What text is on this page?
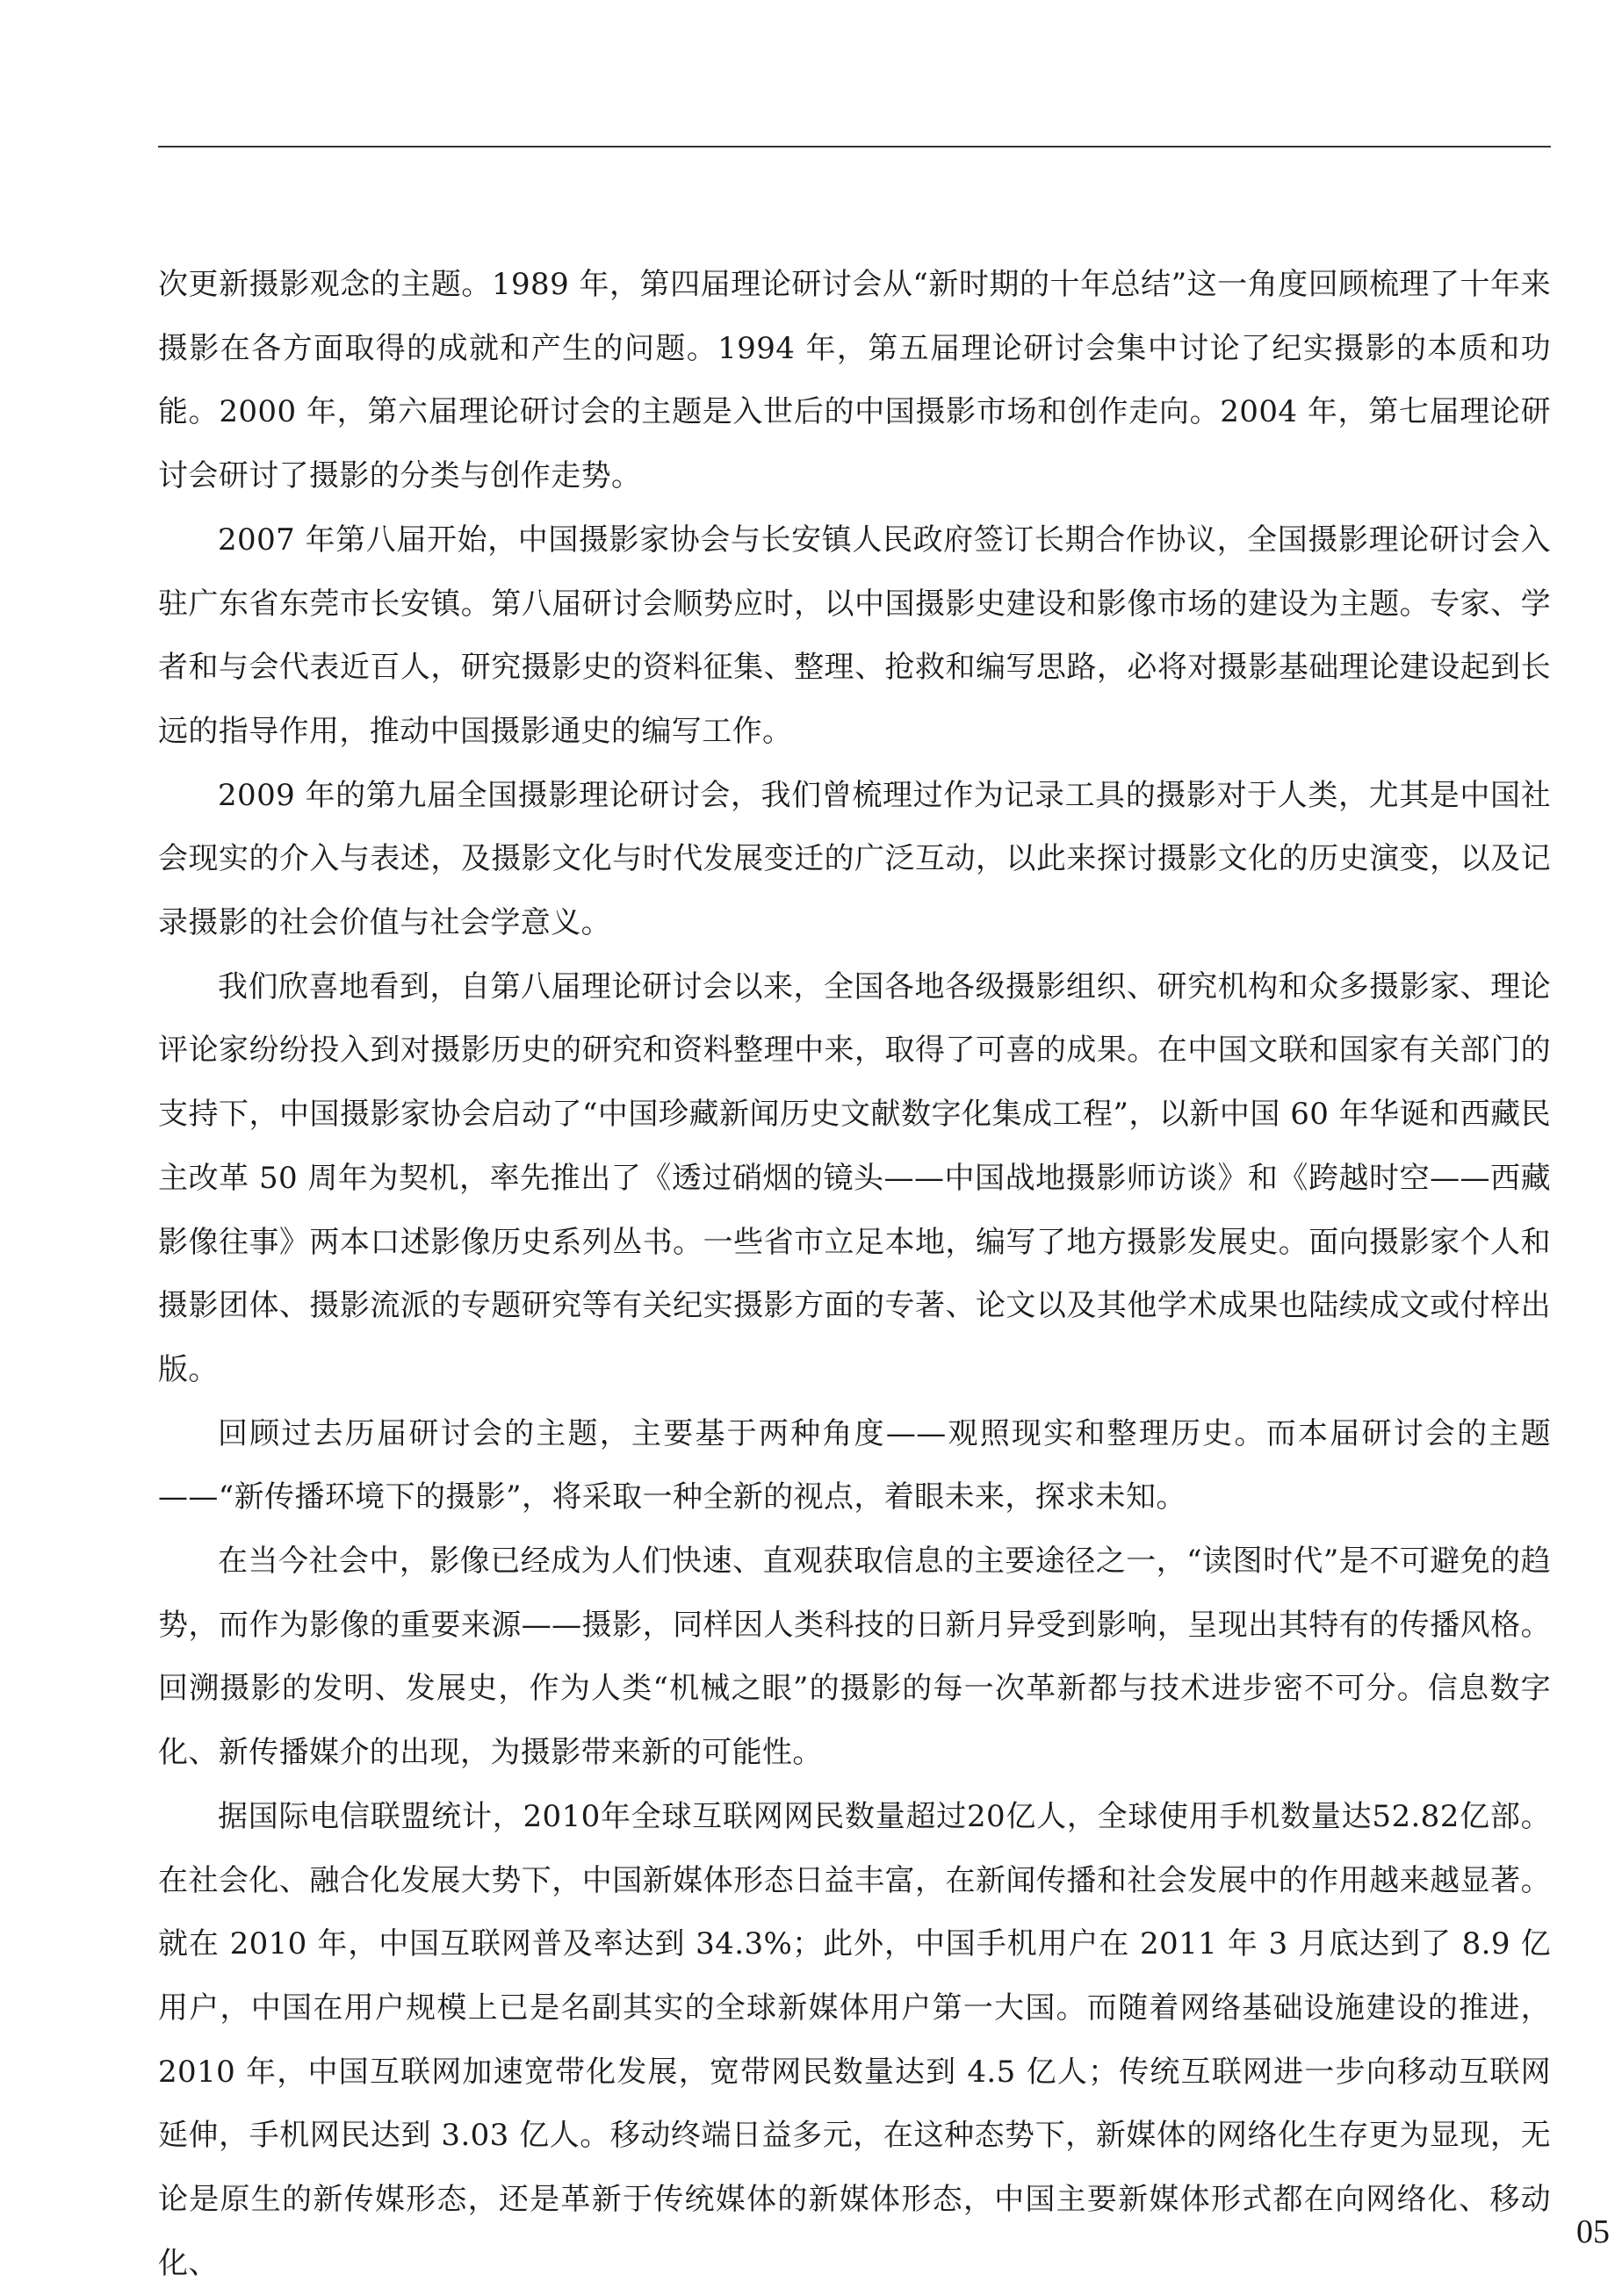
次更新摄影观念的主题。1989 年，第四届理论研讨会从“新时期的十年总结”这一角度回顾梳理了十年来摄影在各方面取得的成就和产生的问题。1994 年，第五届理论研讨会集中讨论了纪实摄影的本质和功能。2000 年，第六届理论研讨会的主题是入世后的中国摄影市场和创作走向。2004 年，第七届理论研讨会研讨了摄影的分类与创作走势。

2007 年第八届开始，中国摄影家协会与长安镇人民政府签订长期合作协议，全国摄影理论研讨会入驻广东省东莞市长安镇。第八届研讨会顺势应时，以中国摄影史建设和影像市场的建设为主题。专家、学者和与会代表近百人，研究摄影史的资料征集、整理、抢救和编写思路，必将对摄影基础理论建设起到长远的指导作用，推动中国摄影通史的编写工作。

2009 年的第九届全国摄影理论研讨会，我们曾梳理过作为记录工具的摄影对于人类，尤其是中国社会现实的介入与表述，及摄影文化与时代发展变迁的广泛互动，以此来探讨摄影文化的历史演变，以及记录摄影的社会价值与社会学意义。

我们欣喜地看到，自第八届理论研讨会以来，全国各地各级摄影组织、研究机构和众多摄影家、理论评论家纷纷投入到对摄影历史的研究和资料整理中来，取得了可喜的成果。在中国文联和国家有关部门的支持下，中国摄影家协会启动了“中国珍藏新闻历史文献数字化集成工程”，以新中国 60 年华诞和西藏民主改革 50 周年为契机，率先推出了《透过硝烟的镜头——中国战地摄影师访谈》和《跨越时空——西藏影像往事》两本口述影像历史系列丛书。一些省市立足本地，编写了地方摄影发展史。面向摄影家个人和摄影团体、摄影流派的专题研究等有关纪实摄影方面的专著、论文以及其他学术成果也陆续成文或付梓出版。

回顾过去历届研讨会的主题，主要基于两种角度——观照现实和整理历史。而本届研讨会的主题——“新传播环境下的摄影”，将采取一种全新的视点，着眼未来，探求未知。

在当今社会中，影像已经成为人们快速、直观获取信息的主要途径之一，“读图时代”是不可避免的趋势，而作为影像的重要来源——摄影，同样因人类科技的日新月异受到影响，呈现出其特有的传播风格。回溯摄影的发明、发展史，作为人类“机械之眼”的摄影的每一次革新都与技术进步密不可分。信息数字化、新传播媒介的出现，为摄影带来新的可能性。

据国际电信联盟统计，2010年全球互联网网民数量超过20亿人，全球使用手机数量达52.82亿部。在社会化、融合化发展大势下，中国新媒体形态日益丰富，在新闻传播和社会发展中的作用越来越显著。就在 2010 年，中国互联网普及率达到 34.3%；此外，中国手机用户在 2011 年 3 月底达到了 8.9 亿用户，中国在用户规模上已是名副其实的全球新媒体用户第一大国。而随着网络基础设施建设的推进，2010 年，中国互联网加速宽带化发展，宽带网民数量达到 4.5 亿人；传统互联网进一步向移动互联网延伸，手机网民达到 3.03 亿人。移动终端日益多元，在这种态势下，新媒体的网络化生存更为显现，无论是原生的新传媒形态，还是革新于传统媒体的新媒体形态，中国主要新媒体形式都在向网络化、移动化、

05
